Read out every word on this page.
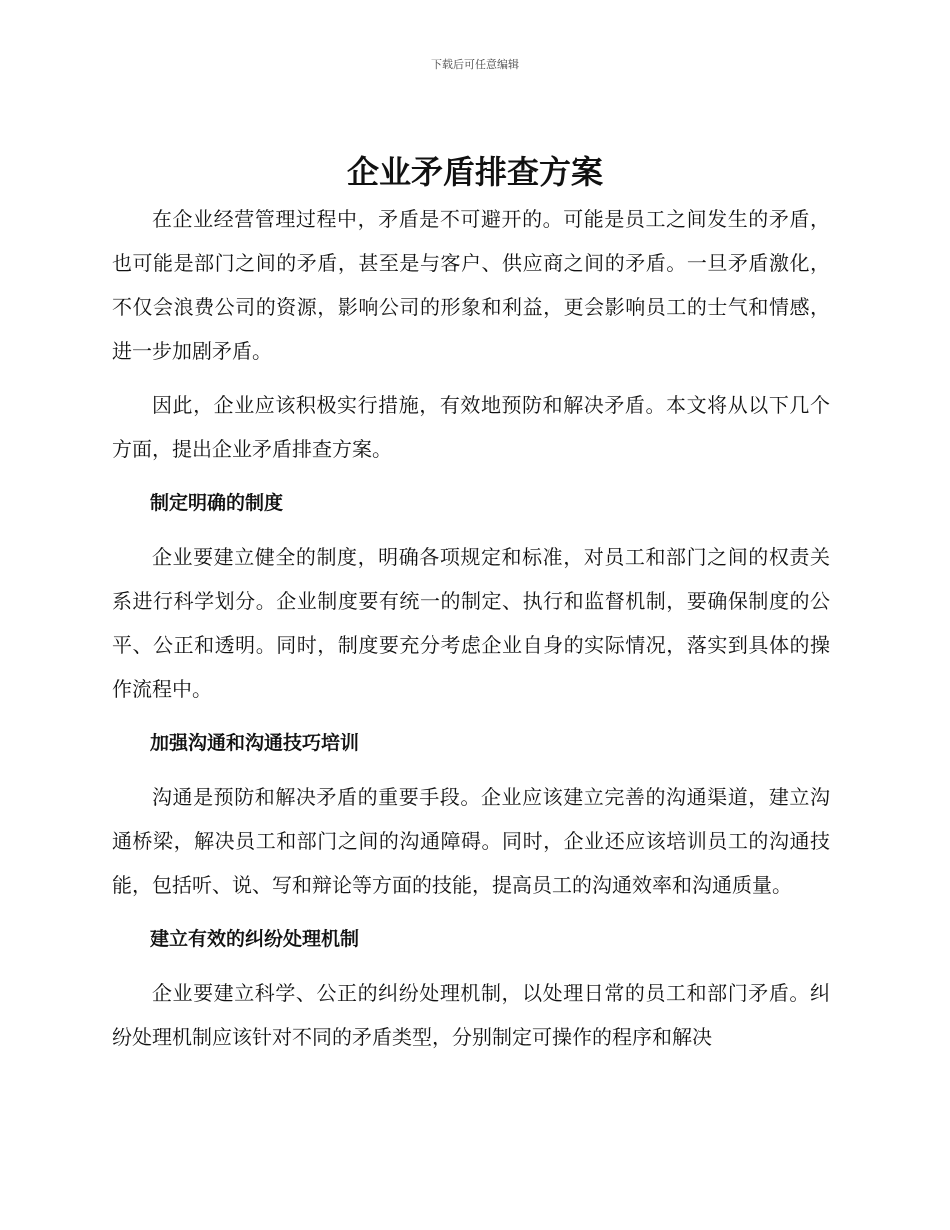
下载后可任意编辑
企业矛盾排查方案

在企业经营管理过程中，矛盾是不可避开的。可能是员工之间发生的矛盾，也可能是部门之间的矛盾，甚至是与客户、供应商之间的矛盾。一旦矛盾激化，不仅会浪费公司的资源，影响公司的形象和利益，更会影响员工的士气和情感，进一步加剧矛盾。

因此，企业应该积极实行措施，有效地预防和解决矛盾。本文将从以下几个方面，提出企业矛盾排查方案。

制定明确的制度

企业要建立健全的制度，明确各项规定和标准，对员工和部门之间的权责关系进行科学划分。企业制度要有统一的制定、执行和监督机制，要确保制度的公平、公正和透明。同时，制度要充分考虑企业自身的实际情况，落实到具体的操作流程中。

加强沟通和沟通技巧培训

沟通是预防和解决矛盾的重要手段。企业应该建立完善的沟通渠道，建立沟通桥梁，解决员工和部门之间的沟通障碍。同时，企业还应该培训员工的沟通技能，包括听、说、写和辩论等方面的技能，提高员工的沟通效率和沟通质量。

建立有效的纠纷处理机制

企业要建立科学、公正的纠纷处理机制，以处理日常的员工和部门矛盾。纠纷处理机制应该针对不同的矛盾类型，分别制定可操作的程序和解决
